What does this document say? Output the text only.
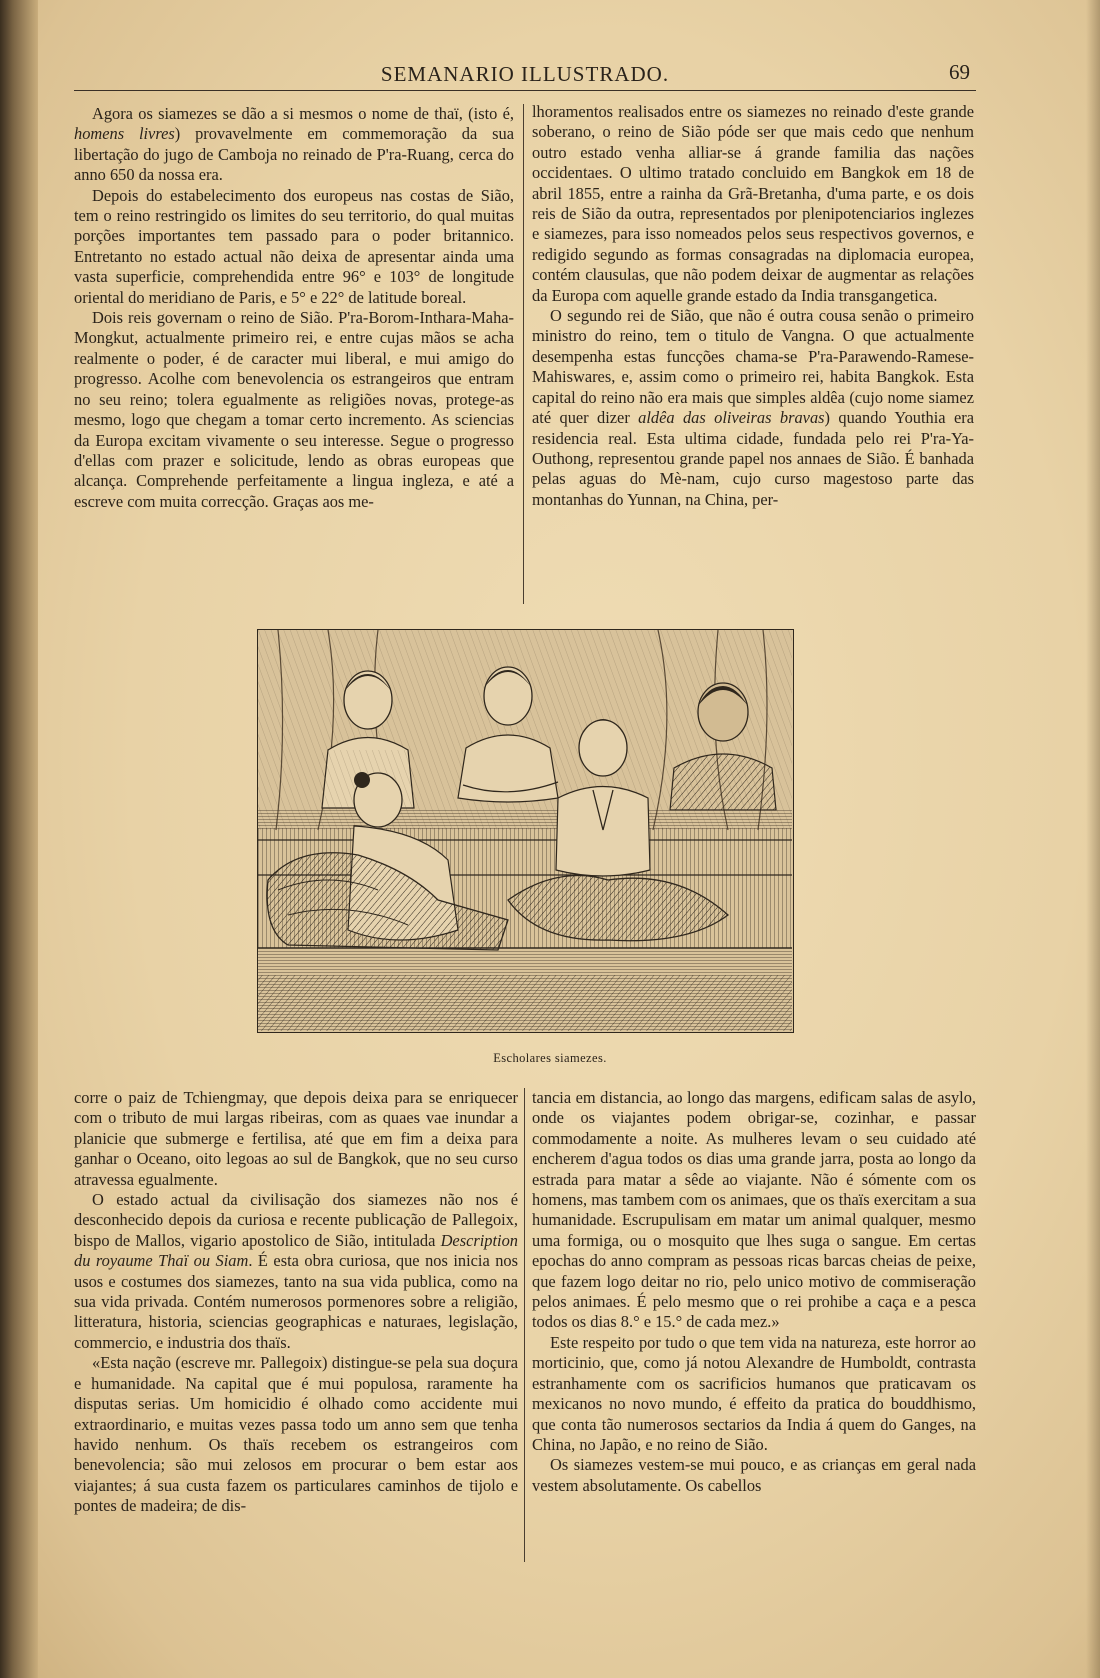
SEMANARIO ILLUSTRADO.	69

Agora os siamezes se dão a si mesmos o nome de thaï, (isto é, homens livres) provavelmente em commemoração da sua libertação do jugo de Camboja no reinado de P'ra-Ruang, cerca do anno 650 da nossa era.

Depois do estabelecimento dos europeus nas costas de Sião, tem o reino restringido os limites do seu territorio, do qual muitas porções importantes tem passado para o poder britannico. Entretanto no estado actual não deixa de apresentar ainda uma vasta superficie, comprehendida entre 96° e 103° de longitude oriental do meridiano de Paris, e 5° e 22° de latitude boreal.

Dois reis governam o reino de Sião. P'ra-Borom-Inthara-Maha-Mongkut, actualmente primeiro rei, e entre cujas mãos se acha realmente o poder, é de caracter mui liberal, e mui amigo do progresso. Acolhe com benevolencia os estrangeiros que entram no seu reino; tolera egualmente as religiões novas, protege-as mesmo, logo que chegam a tomar certo incremento. As sciencias da Europa excitam vivamente o seu interesse. Segue o progresso d'ellas com prazer e solicitude, lendo as obras europeas que alcança. Comprehende perfeitamente a lingua ingleza, e até a escreve com muita correcção. Graças aos me-

lhoramentos realisados entre os siamezes no reinado d'este grande soberano, o reino de Sião póde ser que mais cedo que nenhum outro estado venha alliar-se á grande familia das nações occidentaes. O ultimo tratado concluido em Bangkok em 18 de abril 1855, entre a rainha da Grã-Bretanha, d'uma parte, e os dois reis de Sião da outra, representados por plenipotenciarios inglezes e siamezes, para isso nomeados pelos seus respectivos governos, e redigido segundo as formas consagradas na diplomacia europea, contém clausulas, que não podem deixar de augmentar as relações da Europa com aquelle grande estado da India transgangetica.

O segundo rei de Sião, que não é outra cousa senão o primeiro ministro do reino, tem o titulo de Vangna. O que actualmente desempenha estas funcções chama-se P'ra-Parawendo-Ramese-Mahiswares, e, assim como o primeiro rei, habita Bangkok. Esta capital do reino não era mais que simples aldêa (cujo nome siamez até quer dizer aldêa das oliveiras bravas) quando Youthia era residencia real. Esta ultima cidade, fundada pelo rei P'ra-Ya-Outhong, representou grande papel nos annaes de Sião. É banhada pelas aguas do Mè-nam, cujo curso magestoso parte das montanhas do Yunnan, na China, per-

Escholares siamezes.

corre o paiz de Tchiengmay, que depois deixa para se enriquecer com o tributo de mui largas ribeiras, com as quaes vae inundar a planicie que submerge e fertilisa, até que em fim a deixa para ganhar o Oceano, oito legoas ao sul de Bangkok, que no seu curso atravessa egualmente.

O estado actual da civilisação dos siamezes não nos é desconhecido depois da curiosa e recente publicação de Pallegoix, bispo de Mallos, vigario apostolico de Sião, intitulada Description du royaume Thaï ou Siam. É esta obra curiosa, que nos inicia nos usos e costumes dos siamezes, tanto na sua vida publica, como na sua vida privada. Contém numerosos pormenores sobre a religião, litteratura, historia, sciencias geographicas e naturaes, legislação, commercio, e industria dos thaïs.

«Esta nação (escreve mr. Pallegoix) distingue-se pela sua doçura e humanidade. Na capital que é mui populosa, raramente ha disputas serias. Um homicidio é olhado como accidente mui extraordinario, e muitas vezes passa todo um anno sem que tenha havido nenhum. Os thaïs recebem os estrangeiros com benevolencia; são mui zelosos em procurar o bem estar aos viajantes; á sua custa fazem os particulares caminhos de tijolo e pontes de madeira; de dis-

tancia em distancia, ao longo das margens, edificam salas de asylo, onde os viajantes podem obrigar-se, cozinhar, e passar commodamente a noite. As mulheres levam o seu cuidado até encherem d'agua todos os dias uma grande jarra, posta ao longo da estrada para matar a sêde ao viajante. Não é sómente com os homens, mas tambem com os animaes, que os thaïs exercitam a sua humanidade. Escrupulisam em matar um animal qualquer, mesmo uma formiga, ou o mosquito que lhes suga o sangue. Em certas epochas do anno compram as pessoas ricas barcas cheias de peixe, que fazem logo deitar no rio, pelo unico motivo de commiseração pelos animaes. É pelo mesmo que o rei prohibe a caça e a pesca todos os dias 8.° e 15.° de cada mez.»

Este respeito por tudo o que tem vida na natureza, este horror ao morticinio, que, como já notou Alexandre de Humboldt, contrasta estranhamente com os sacrificios humanos que praticavam os mexicanos no novo mundo, é effeito da pratica do bouddhismo, que conta tão numerosos sectarios da India á quem do Ganges, na China, no Japão, e no reino de Sião.

Os siamezes vestem-se mui pouco, e as crianças em geral nada vestem absolutamente. Os cabellos
